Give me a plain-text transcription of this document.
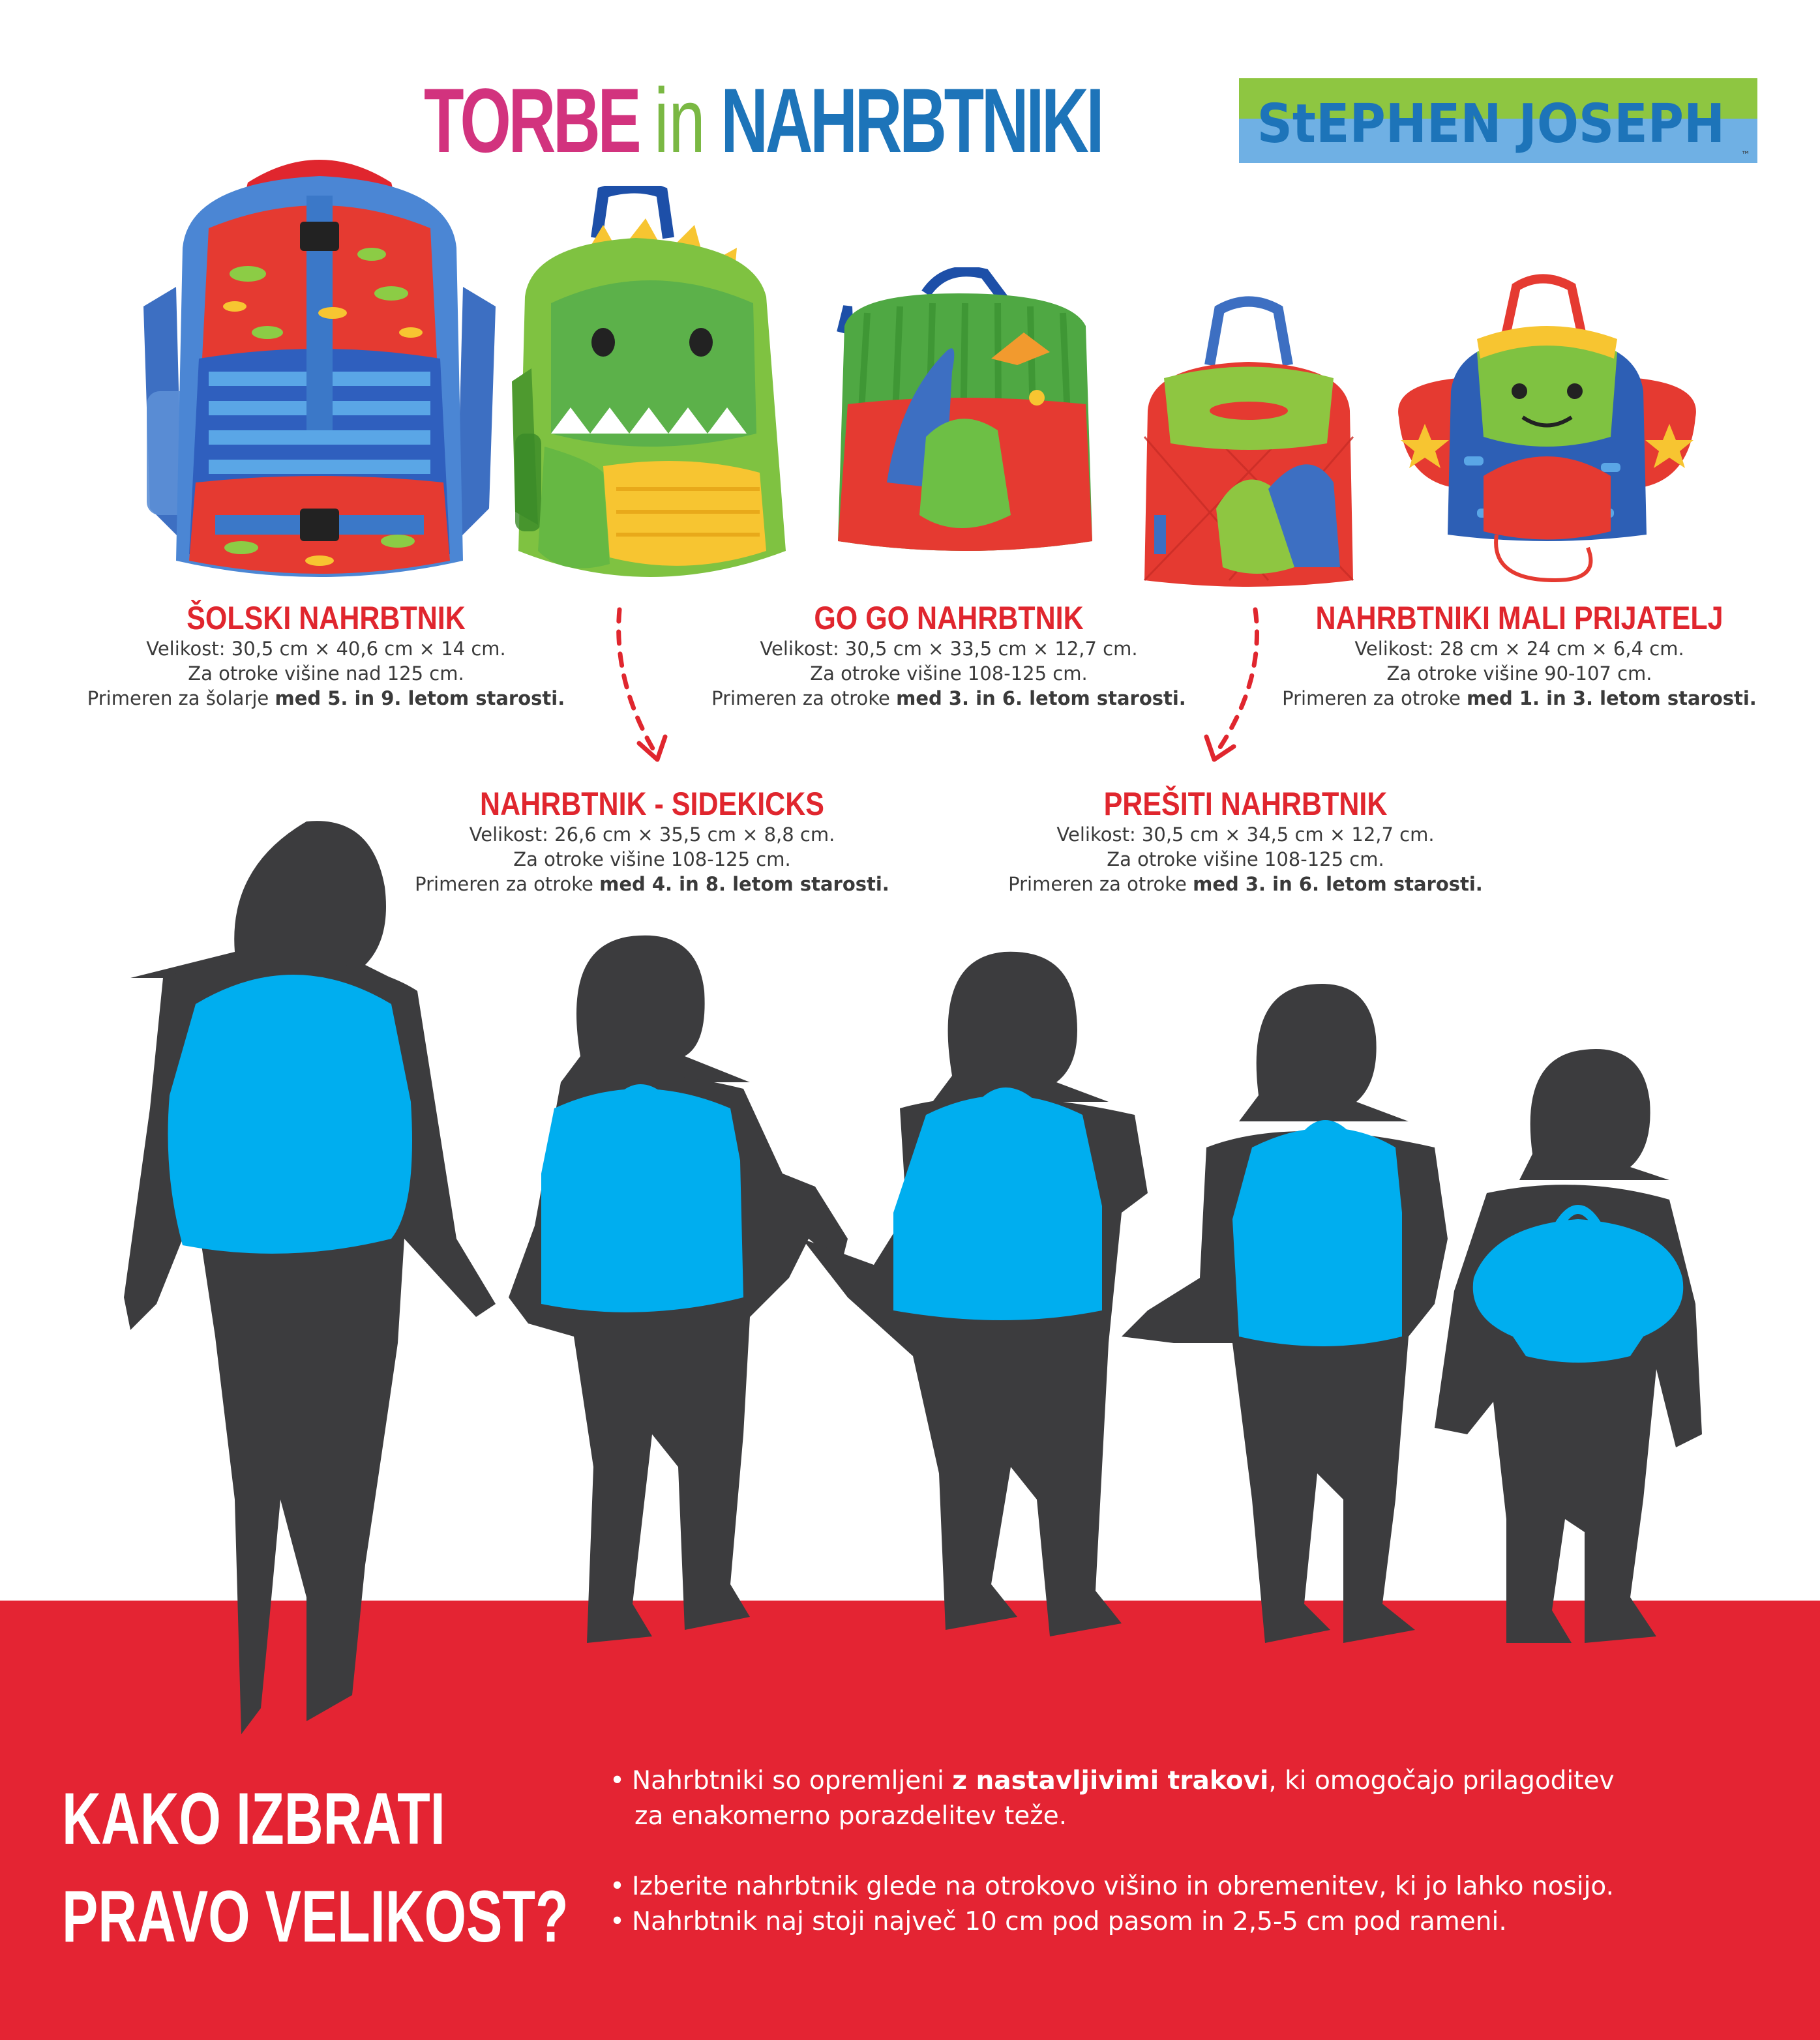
TORBE in NAHRBTNIKI	StEPHEN JOSEPH
™
ŠOLSKI NAHRBTNIK
Velikost: 30,5 cm × 40,6 cm × 14 cm.
Za otroke višine nad 125 cm.
Primeren za šolarje med 5. in 9. letom starosti.
GO GO NAHRBTNIK
Velikost: 30,5 cm × 33,5 cm × 12,7 cm.
Za otroke višine 108-125 cm.
Primeren za otroke med 3. in 6. letom starosti.
NAHRBTNIKI MALI PRIJATELJ
Velikost: 28 cm × 24 cm × 6,4 cm.
Za otroke višine 90-107 cm.
Primeren za otroke med 1. in 3. letom starosti.
NAHRBTNIK - SIDEKICKS
Velikost: 26,6 cm × 35,5 cm × 8,8 cm.
Za otroke višine 108-125 cm.
Primeren za otroke med 4. in 8. letom starosti.
PREŠITI NAHRBTNIK
Velikost: 30,5 cm × 34,5 cm × 12,7 cm.
Za otroke višine 108-125 cm.
Primeren za otroke med 3. in 6. letom starosti.
KAKO IZBRATI
PRAVO VELIKOST?
• Nahrbtniki so opremljeni z nastavljivimi trakovi, ki omogočajo prilagoditev
za enakomerno porazdelitev teže.
• Izberite nahrbtnik glede na otrokovo višino in obremenitev, ki jo lahko nosijo.
• Nahrbtnik naj stoji največ 10 cm pod pasom in 2,5-5 cm pod rameni.
